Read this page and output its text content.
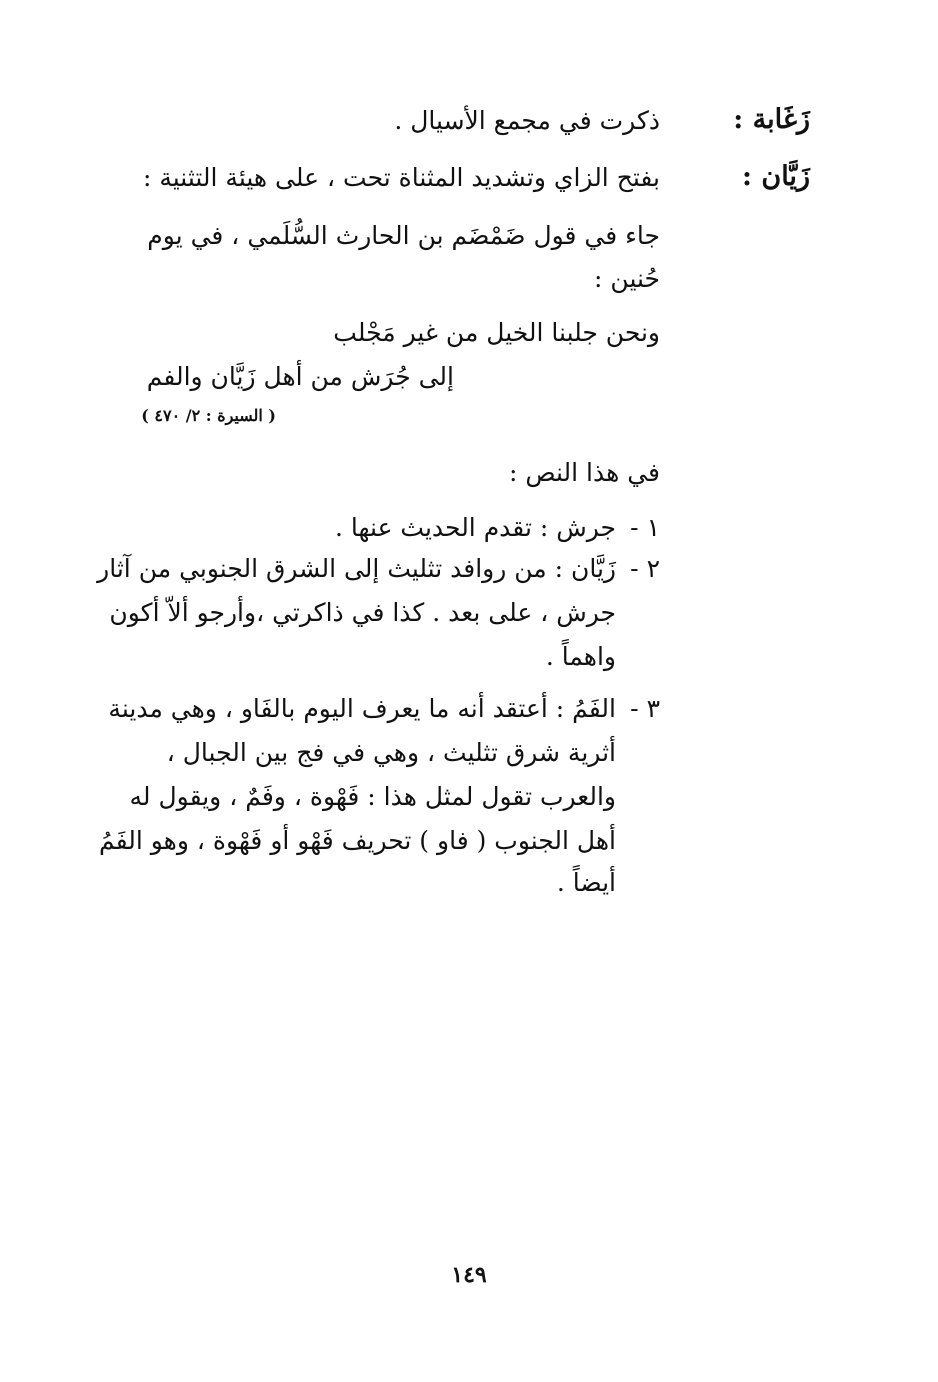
زَغَابة :
ذكرت في مجمع الأسيال .
زَيَّان :
بفتح الزاي وتشديد المثناة تحت ، على هيئة التثنية :
جاء في قول ضَمْضَم بن الحارث السُّلَمي ، في يوم
حُنين :
ونحن جلبنا الخيل من غير مَجْلب
إلى جُرَش من أهل زَيَّان والفم
( السيرة : ٢/ ٤٧٠ )
في هذا النص :
١ -
جرش : تقدم الحديث عنها .
٢ -
زَيَّان : من روافد تثليث إلى الشرق الجنوبي من آثار
جرش ، على بعد . كذا في ذاكرتي ،وأرجو ألاّ أكون
واهماً .
٣ -
الفَمُ : أعتقد أنه ما يعرف اليوم بالفَاو ، وهي مدينة
أثرية شرق تثليث ، وهي في فج بين الجبال ،
والعرب تقول لمثل هذا : فَهْوة ، وفَمٌ ، ويقول له
أهل الجنوب ( فاو ) تحريف فَهْو أو فَهْوة ، وهو الفَمُ
أيضاً .
١٤٩
